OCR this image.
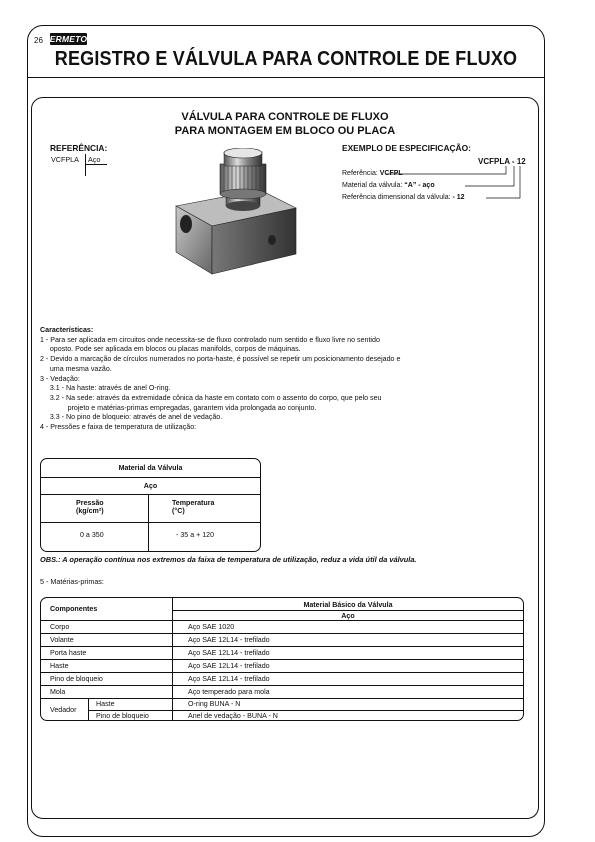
26 ERMETO
REGISTRO E VÁLVULA PARA CONTROLE DE FLUXO
VÁLVULA PARA CONTROLE DE FLUXO
PARA MONTAGEM EM BLOCO OU PLACA
REFERÊNCIA:
VCFPLA Aço
EXEMPLO DE ESPECIFICAÇÃO:
VCFPLA - 12
Referência: VCFPL
Material da válvula: “A” - aço
Referência dimensional da válvula: - 12
Características:
1 - Para ser aplicada em circuitos onde necessita-se de fluxo controlado num sentido e fluxo livre no sentido
oposto. Pode ser aplicada em blocos ou placas manifolds, corpos de máquinas.
2 - Devido a marcação de círculos numerados no porta-haste, é possível se repetir um posicionamento desejado e
uma mesma vazão.
3 - Vedação:
3.1 - Na haste: através de anel O-ring.
3.2 - Na sede: através da extremidade cônica da haste em contato com o assento do corpo, que pelo seu
projeto e matérias-primas empregadas, garantem vida prolongada ao conjunto.
3.3 - No pino de bloqueio: através de anel de vedação.
4 - Pressões e faixa de temperatura de utilização:
Material da Válvula
Aço
Pressão
(kg/cm²)
Temperatura
(°C)
0 a 350	- 35 a + 120
OBS.: A operação contínua nos extremos da faixa de temperatura de utilização, reduz a vida útil da válvula.
5 - Matérias-primas:
Componentes	Material Básico da Válvula
Aço
Corpo	Aço SAE 1020
Volante	Aço SAE 12L14 - trefilado
Porta haste	Aço SAE 12L14 - trefilado
Haste	Aço SAE 12L14 - trefilado
Pino de bloqueio	Aço SAE 12L14 - trefilado
Mola	Aço temperado para mola
Vedador
Haste	O-ring BUNA - N
Pino de bloqueio	Anel de vedação - BUNA - N
